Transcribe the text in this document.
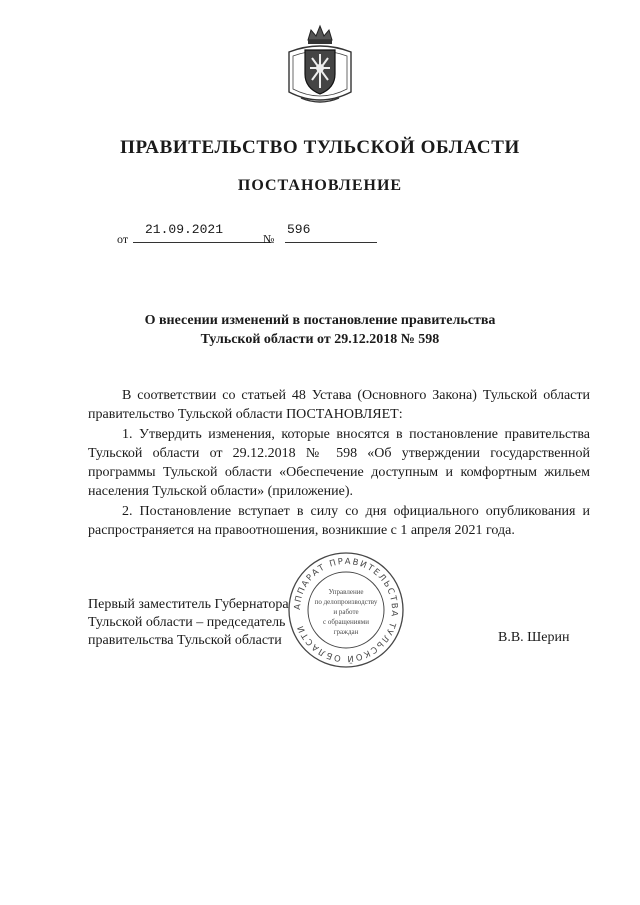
ПРАВИТЕЛЬСТВО ТУЛЬСКОЙ ОБЛАСТИ
ПОСТАНОВЛЕНИЕ
от
21.09.2021
№
596
О внесении изменений в постановление правительства
Тульской области от 29.12.2018 № 598
В соответствии со статьей 48 Устава (Основного Закона) Тульской области правительство Тульской области ПОСТАНОВЛЯЕТ:
1. Утвердить изменения, которые вносятся в постановление правительства Тульской области от 29.12.2018 № 598 «Об утверждении государственной программы Тульской области «Обеспечение доступным и комфортным жильем населения Тульской области» (приложение).
2. Постановление вступает в силу со дня официального опубликования и распространяется на правоотношения, возникшие с 1 апреля 2021 года.
Первый заместитель Губернатора
Тульской области – председатель
правительства Тульской области	В.В. Шерин
АППАРАТ ПРАВИТЕЛЬСТВА ТУЛЬСКОЙ ОБЛАСТИ
Управление
по делопроизводству
и работе
с обращениями
граждан
